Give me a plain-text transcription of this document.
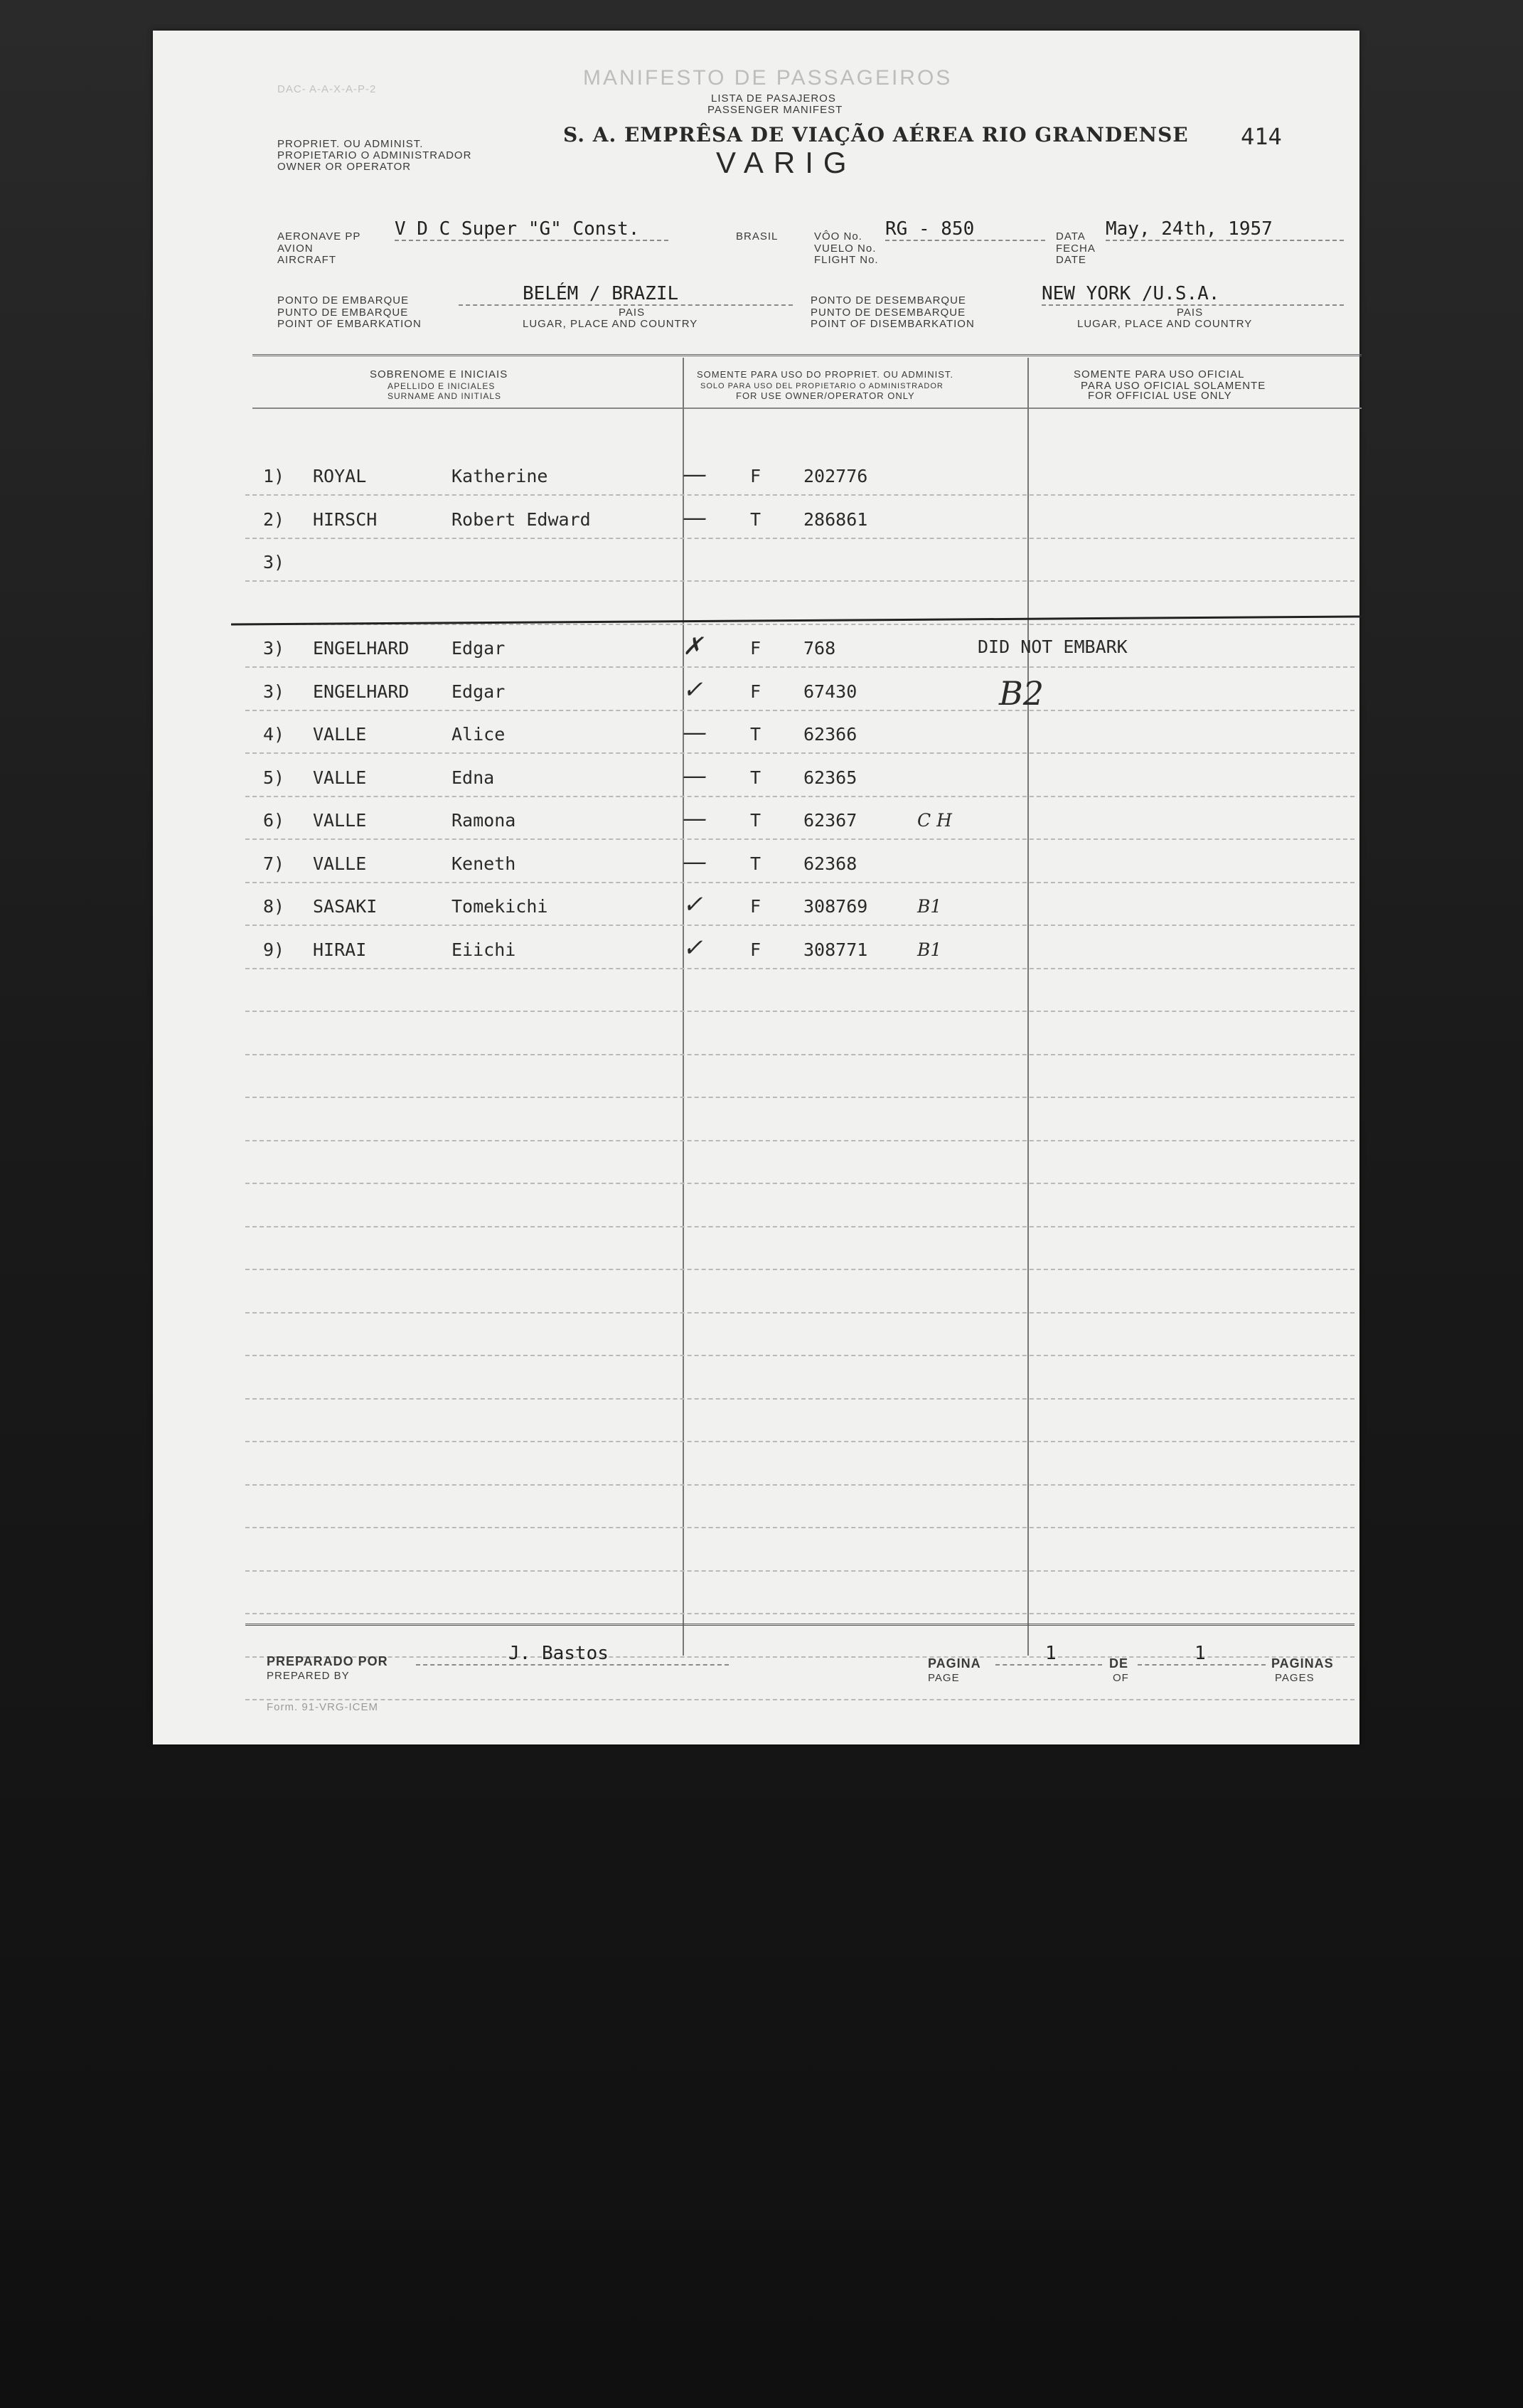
DAC- A-A-X-A-P-2	MANIFESTO DE PASSAGEIROS
LISTA DE PASAJEROS
PASSENGER MANIFEST
414
PROPRIET. OU ADMINIST.
PROPIETARIO O ADMINISTRADOR
OWNER OR OPERATOR
S. A. EMPRÊSA DE VIAÇÃO AÉREA RIO GRANDENSE
VARIG
AERONAVE PP
AVION
AIRCRAFT
V D C Super "G" Const.	BRASIL	VÔO No.
VUELO No.
FLIGHT No.
RG - 850	DATA
FECHA
DATE
May, 24th, 1957
PONTO DE EMBARQUE
PUNTO DE EMBARQUE
POINT OF EMBARKATION
BELÉM / BRAZIL
PAIS
LUGAR, PLACE AND COUNTRY
PONTO DE DESEMBARQUE
PUNTO DE DESEMBARQUE
POINT OF DISEMBARKATION
NEW YORK /U.S.A.
PAIS
LUGAR, PLACE AND COUNTRY
SOBRENOME E INICIAIS
APELLIDO E INICIALES
SURNAME AND INITIALS
SOMENTE PARA USO DO PROPRIET. OU ADMINIST.
SOLO PARA USO DEL PROPIETARIO O ADMINISTRADOR
FOR USE OWNER/OPERATOR ONLY
SOMENTE PARA USO OFICIAL
PARA USO OFICIAL SOLAMENTE
FOR OFFICIAL USE ONLY
1) ROYAL	Katherine	— F 202776
2) HIRSCH	Robert Edward	— T 286861
3)
3) ENGELHARD Edgar	✗	F 768	DID NOT EMBARK
3) ENGELHARD Edgar	✓	F 67430	B2
4) VALLE	Alice	— T 62366
5) VALLE	Edna	— T 62365
6) VALLE	Ramona	— T 62367	C H
7) VALLE	Keneth	— T 62368
8) SASAKI	Tomekichi	✓	F 308769	B1
9) HIRAI	Eiichi	✓	F 308771	B1
PREPARADO POR
PREPARED BY
J. Bastos	PAGINA
PAGE
1	DE
OF
1	PAGINAS
PAGES
Form. 91-VRG-ICEM
